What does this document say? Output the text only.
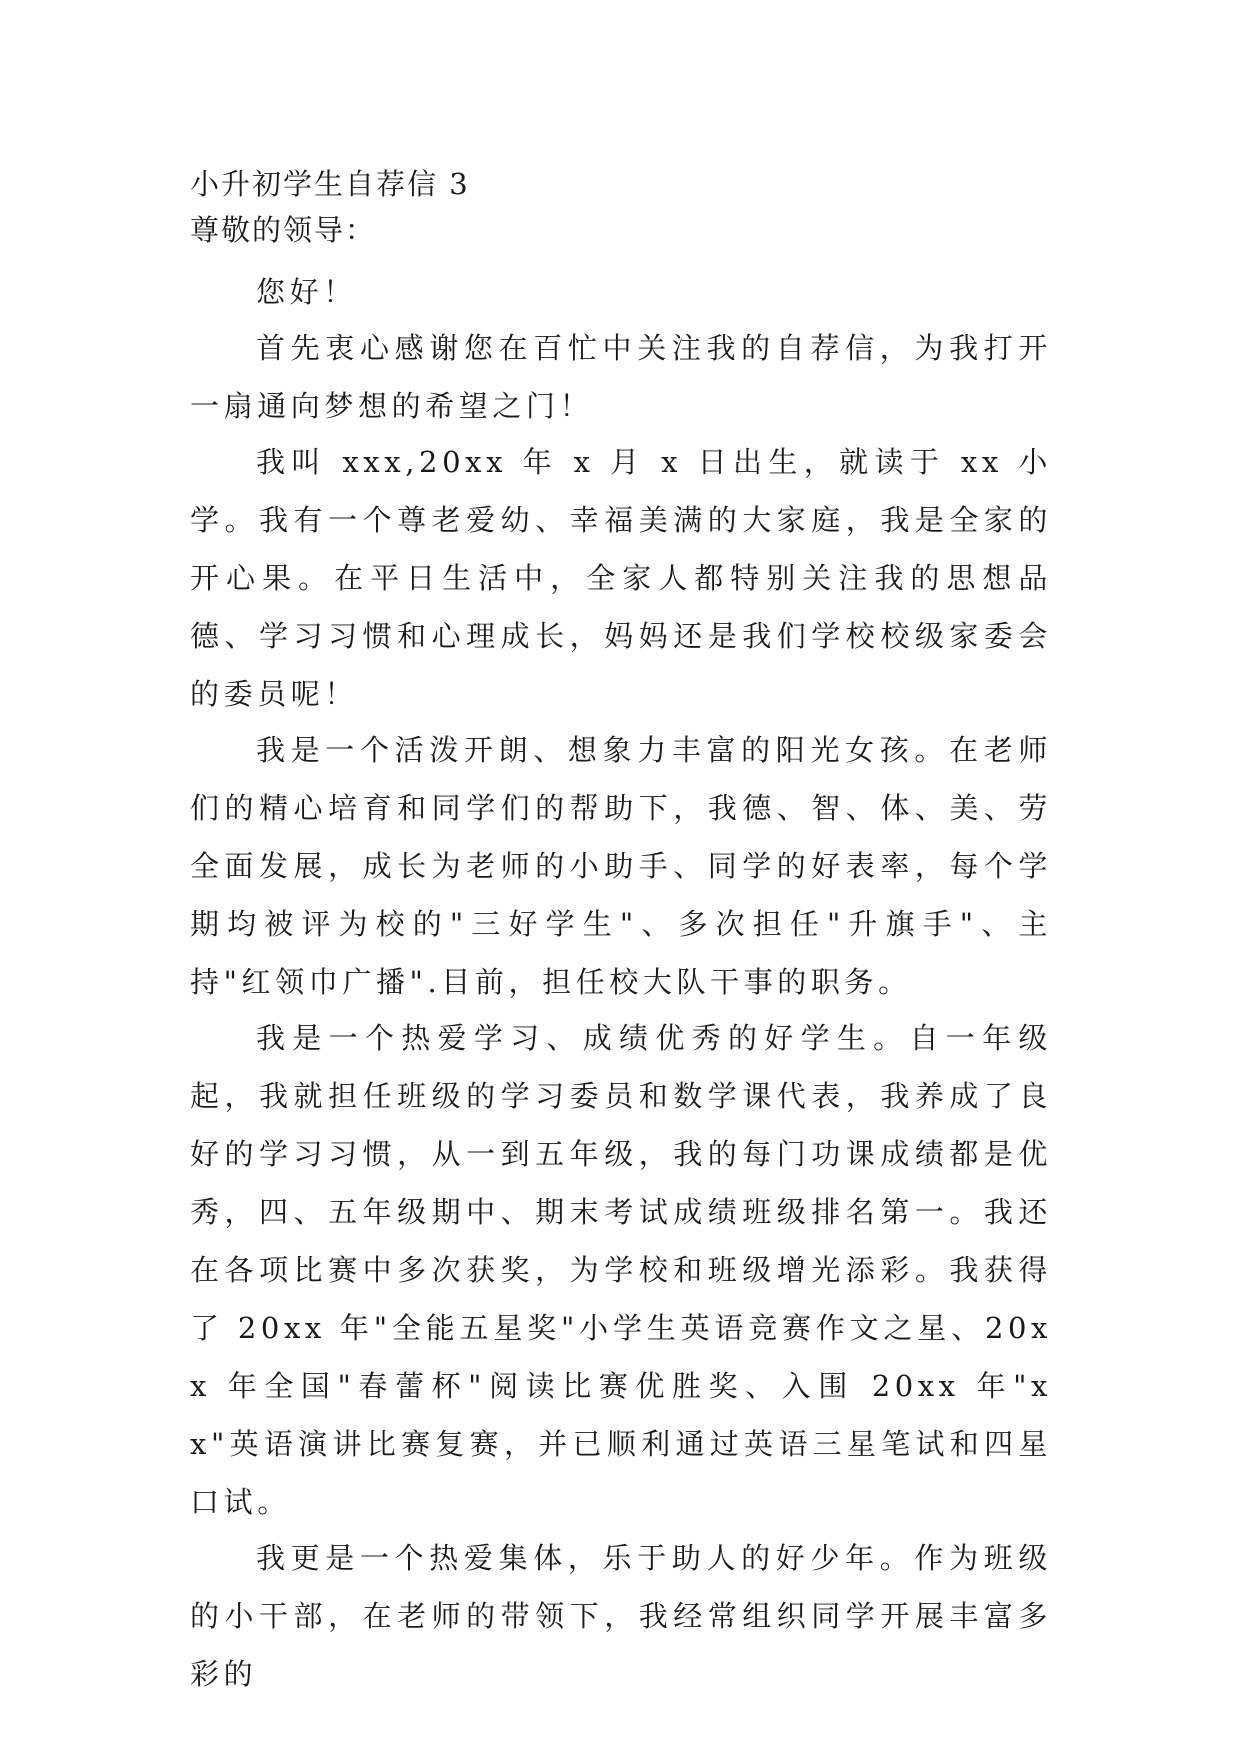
小升初学生自荐信 3

尊敬的领导：

您好！

首先衷心感谢您在百忙中关注我的自荐信，为我打开一扇通向梦想的希望之门！

我叫 xxx,20xx 年 x 月 x 日出生，就读于 xx 小学。我有一个尊老爱幼、幸福美满的大家庭，我是全家的开心果。在平日生活中，全家人都特别关注我的思想品德、学习习惯和心理成长，妈妈还是我们学校校级家委会的委员呢！

我是一个活泼开朗、想象力丰富的阳光女孩。在老师们的精心培育和同学们的帮助下，我德、智、体、美、劳全面发展，成长为老师的小助手、同学的好表率，每个学期均被评为校的"三好学生"、多次担任"升旗手"、主持"红领巾广播".目前，担任校大队干事的职务。

我是一个热爱学习、成绩优秀的好学生。自一年级起，我就担任班级的学习委员和数学课代表，我养成了良好的学习习惯，从一到五年级，我的每门功课成绩都是优秀，四、五年级期中、期末考试成绩班级排名第一。我还在各项比赛中多次获奖，为学校和班级增光添彩。我获得了 20xx 年"全能五星奖"小学生英语竞赛作文之星、20xx 年全国"春蕾杯"阅读比赛优胜奖、入围 20xx 年"xx"英语演讲比赛复赛，并已顺利通过英语三星笔试和四星口试。

我更是一个热爱集体，乐于助人的好少年。作为班级的小干部，在老师的带领下，我经常组织同学开展丰富多彩的
